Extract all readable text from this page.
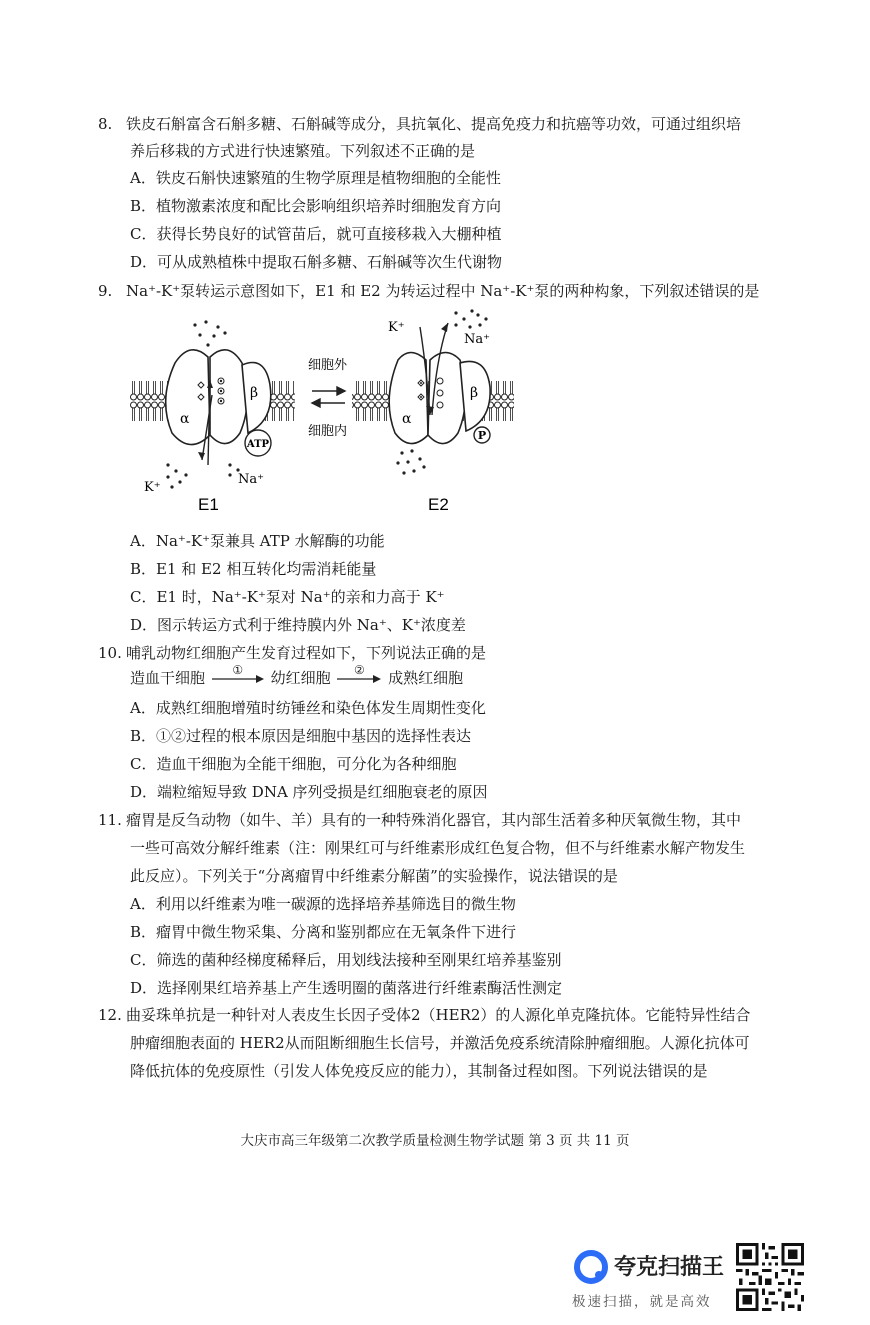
8. 铁皮石斛富含石斛多糖、石斛碱等成分，具抗氧化、提高免疫力和抗癌等功效，可通过组织培
养后移栽的方式进行快速繁殖。下列叙述不正确的是
A．铁皮石斛快速繁殖的生物学原理是植物细胞的全能性
B．植物激素浓度和配比会影响组织培养时细胞发育方向
C．获得长势良好的试管苗后，就可直接移栽入大棚种植
D．可从成熟植株中提取石斛多糖、石斛碱等次生代谢物
9. Na⁺-K⁺泵转运示意图如下，E1 和 E2 为转运过程中 Na⁺-K⁺泵的两种构象，下列叙述错误的是
α
β
ATP
K⁺
Na⁺
E1
细胞外
细胞内
α
β
P
K⁺
Na⁺
E2
A．Na⁺-K⁺泵兼具 ATP 水解酶的功能
B．E1 和 E2 相互转化均需消耗能量
C．E1 时，Na⁺-K⁺泵对 Na⁺的亲和力高于 K⁺
D．图示转运方式利于维持膜内外 Na⁺、K⁺浓度差
10. 哺乳动物红细胞产生发育过程如下，下列说法正确的是
造血干细胞	①	幼红细胞	②	成熟红细胞
A．成熟红细胞增殖时纺锤丝和染色体发生周期性变化
B．①②过程的根本原因是细胞中基因的选择性表达
C．造血干细胞为全能干细胞，可分化为各种细胞
D．端粒缩短导致 DNA 序列受损是红细胞衰老的原因
11. 瘤胃是反刍动物（如牛、羊）具有的一种特殊消化器官，其内部生活着多种厌氧微生物，其中
一些可高效分解纤维素（注：刚果红可与纤维素形成红色复合物，但不与纤维素水解产物发生
此反应）。下列关于“分离瘤胃中纤维素分解菌”的实验操作，说法错误的是
A．利用以纤维素为唯一碳源的选择培养基筛选目的微生物
B．瘤胃中微生物采集、分离和鉴别都应在无氧条件下进行
C．筛选的菌种经梯度稀释后，用划线法接种至刚果红培养基鉴别
D．选择刚果红培养基上产生透明圈的菌落进行纤维素酶活性测定
12. 曲妥珠单抗是一种针对人表皮生长因子受体2（HER2）的人源化单克隆抗体。它能特异性结合
肿瘤细胞表面的 HER2从而阻断细胞生长信号，并激活免疫系统清除肿瘤细胞。人源化抗体可
降低抗体的免疫原性（引发人体免疫反应的能力），其制备过程如图。下列说法错误的是
大庆市高三年级第二次教学质量检测生物学试题 第 3 页 共 11 页
夸克扫描王
极速扫描，就是高效
